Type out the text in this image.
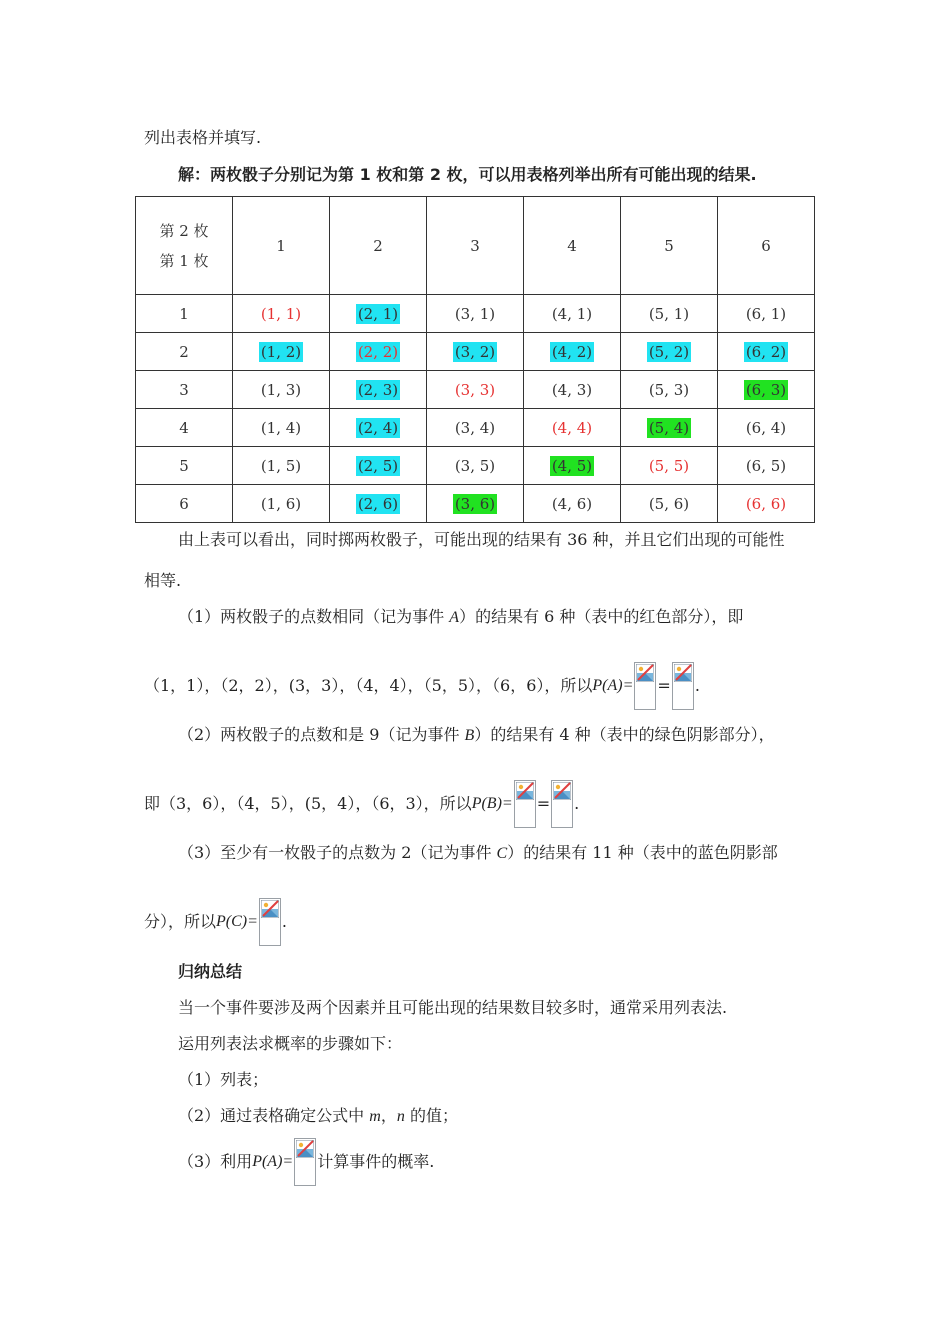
列出表格并填写.
解：两枚骰子分别记为第 1 枚和第 2 枚，可以用表格列举出所有可能出现的结果.
第 2 枚
第 1 枚	1	2	3	4	5	6
1	(1, 1)	(2, 1)	(3, 1)	(4, 1)	(5, 1)	(6, 1)
2	(1, 2)	(2, 2)	(3, 2)	(4, 2)	(5, 2)	(6, 2)
3	(1, 3)	(2, 3)	(3, 3)	(4, 3)	(5, 3)	(6, 3)
4	(1, 4)	(2, 4)	(3, 4)	(4, 4)	(5, 4)	(6, 4)
5	(1, 5)	(2, 5)	(3, 5)	(4, 5)	(5, 5)	(6, 5)
6	(1, 6)	(2, 6)	(3, 6)	(4, 6)	(5, 6)	(6, 6)
由上表可以看出，同时掷两枚骰子，可能出现的结果有 36 种，并且它们出现的可能性
相等.
（1）两枚骰子的点数相同（记为事件 A）的结果有 6 种（表中的红色部分），即
（1，1），（2，2），(3，3），（4，4），（5，5），（6，6），所以P(A)= = .
（2）两枚骰子的点数和是 9（记为事件 B）的结果有 4 种（表中的绿色阴影部分），
即（3，6），（4，5），(5，4），（6，3），所以P(B)= = .
（3）至少有一枚骰子的点数为 2（记为事件 C）的结果有 11 种（表中的蓝色阴影部
分），所以P(C)= .
归纳总结
当一个事件要涉及两个因素并且可能出现的结果数目较多时，通常采用列表法.
运用列表法求概率的步骤如下：
（1）列表；
（2）通过表格确定公式中 m，n 的值；
（3）利用P(A)= 计算事件的概率.
